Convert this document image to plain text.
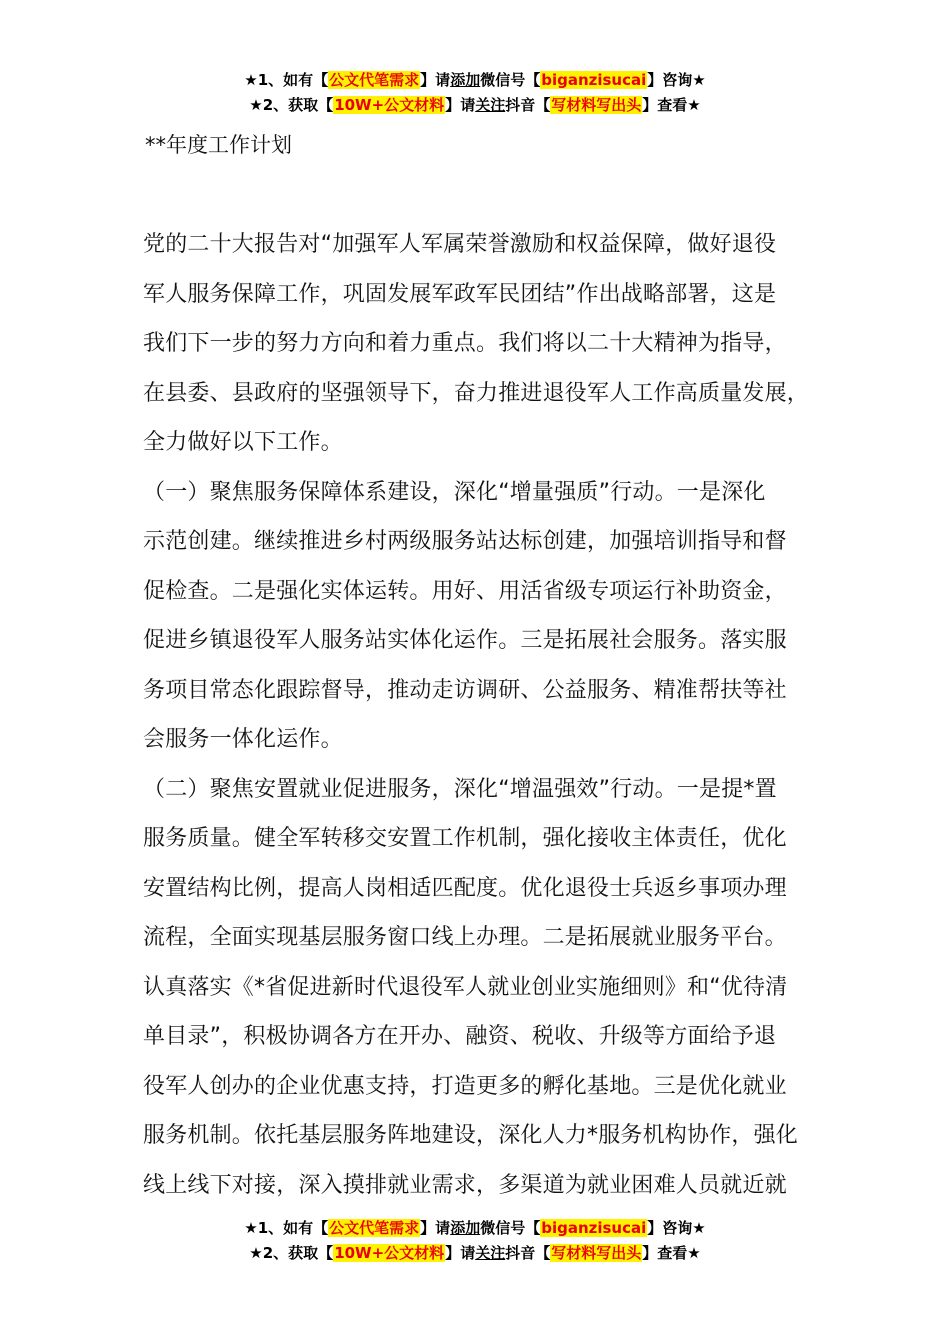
★1、如有【公文代笔需求】请添加微信号【biganzisucai】咨询★
★2、获取【10W+公文材料】请关注抖音【写材料写出头】查看★
**年度工作计划
党的二十大报告对“加强军人军属荣誉激励和权益保障，做好退役
军人服务保障工作，巩固发展军政军民团结”作出战略部署，这是
我们下一步的努力方向和着力重点。我们将以二十大精神为指导，
在县委、县政府的坚强领导下，奋力推进退役军人工作高质量发展，
全力做好以下工作。
（一）聚焦服务保障体系建设，深化“增量强质”行动。一是深化
示范创建。继续推进乡村两级服务站达标创建，加强培训指导和督
促检查。二是强化实体运转。用好、用活省级专项运行补助资金，
促进乡镇退役军人服务站实体化运作。三是拓展社会服务。落实服
务项目常态化跟踪督导，推动走访调研、公益服务、精准帮扶等社
会服务一体化运作。
（二）聚焦安置就业促进服务，深化“增温强效”行动。一是提*置
服务质量。健全军转移交安置工作机制，强化接收主体责任，优化
安置结构比例，提高人岗相适匹配度。优化退役士兵返乡事项办理
流程，全面实现基层服务窗口线上办理。二是拓展就业服务平台。
认真落实《*省促进新时代退役军人就业创业实施细则》和“优待清
单目录”，积极协调各方在开办、融资、税收、升级等方面给予退
役军人创办的企业优惠支持，打造更多的孵化基地。三是优化就业
服务机制。依托基层服务阵地建设，深化人力*服务机构协作，强化
线上线下对接，深入摸排就业需求，多渠道为就业困难人员就近就
★1、如有【公文代笔需求】请添加微信号【biganzisucai】咨询★
★2、获取【10W+公文材料】请关注抖音【写材料写出头】查看★
